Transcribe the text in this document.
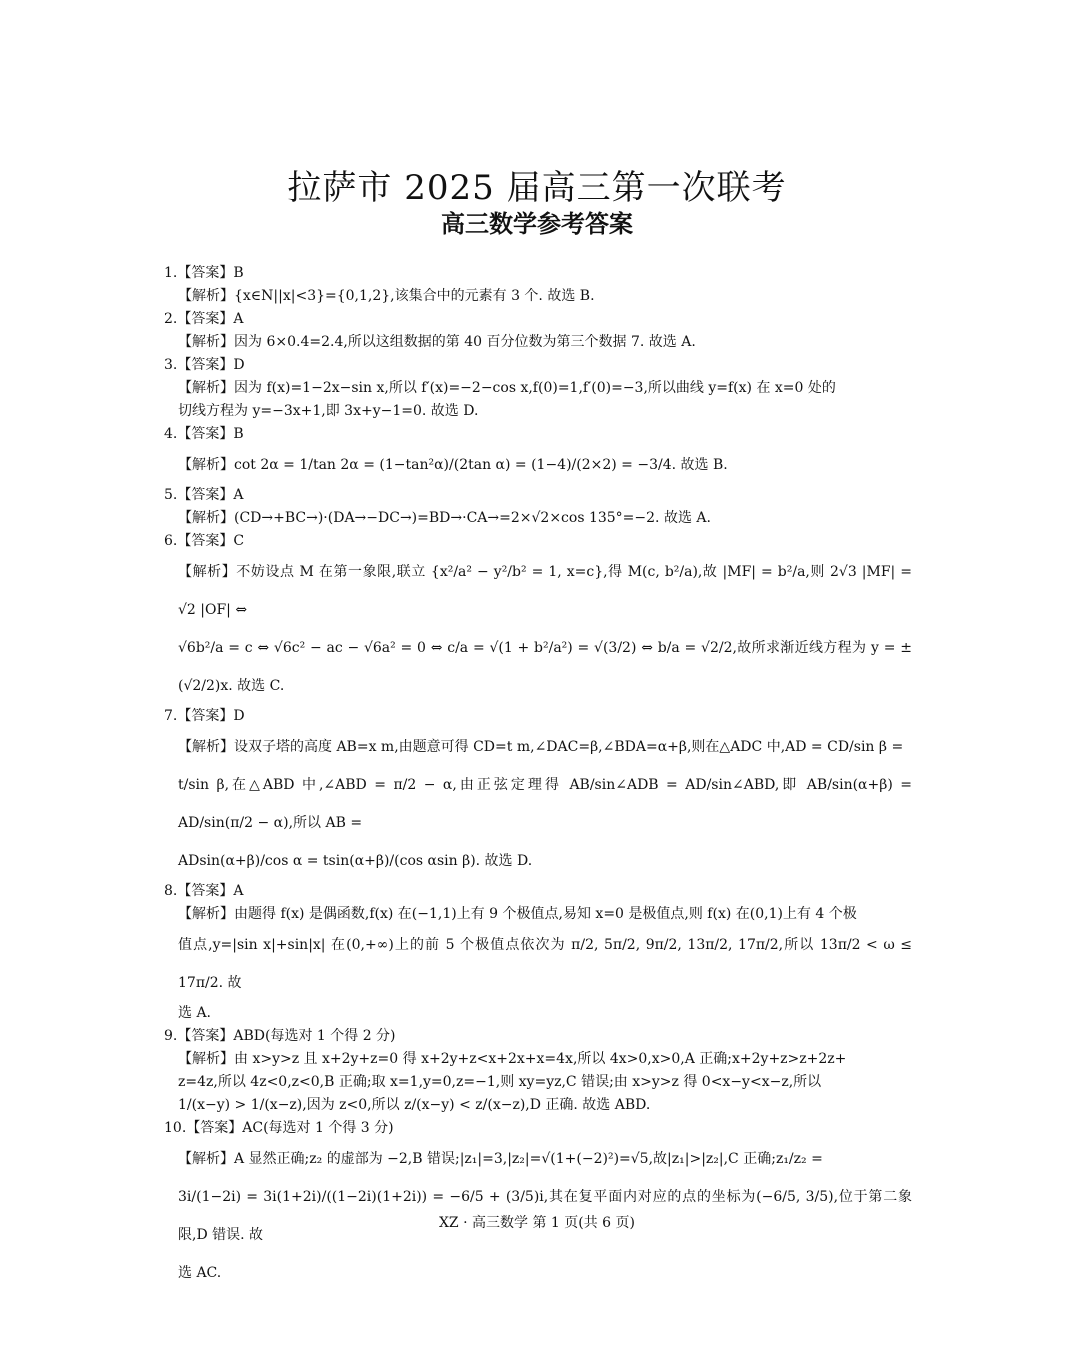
拉萨市 2025 届高三第一次联考
高三数学参考答案
1.【答案】B
【解析】{x∈N||x|<3}={0,1,2},该集合中的元素有 3 个. 故选 B.
2.【答案】A
【解析】因为 6×0.4=2.4,所以这组数据的第 40 百分位数为第三个数据 7. 故选 A.
3.【答案】D
【解析】因为 f(x)=1−2x−sin x,所以 f′(x)=−2−cos x,f(0)=1,f′(0)=−3,所以曲线 y=f(x) 在 x=0 处的
切线方程为 y=−3x+1,即 3x+y−1=0. 故选 D.
4.【答案】B
【解析】cot 2α = 1/tan 2α = (1−tan²α)/(2tan α) = (1−4)/(2×2) = −3/4. 故选 B.
5.【答案】A
【解析】(CD→+BC→)·(DA→−DC→)=BD→·CA→=2×√2×cos 135°=−2. 故选 A.
6.【答案】C
【解析】不妨设点 M 在第一象限,联立 {x²/a² − y²/b² = 1, x=c},得 M(c, b²/a),故 |MF| = b²/a,则 2√3 |MF| = √2 |OF| ⇔
√6b²/a = c ⇔ √6c² − ac − √6a² = 0 ⇔ c/a = √(1 + b²/a²) = √(3/2) ⇔ b/a = √2/2,故所求渐近线方程为 y = ±(√2/2)x. 故选 C.
7.【答案】D
【解析】设双子塔的高度 AB=x m,由题意可得 CD=t m,∠DAC=β,∠BDA=α+β,则在△ADC 中,AD = CD/sin β =
t/sin β,在△ABD 中,∠ABD = π/2 − α,由正弦定理得 AB/sin∠ADB = AD/sin∠ABD,即 AB/sin(α+β) = AD/sin(π/2 − α),所以 AB =
ADsin(α+β)/cos α = tsin(α+β)/(cos αsin β). 故选 D.
8.【答案】A
【解析】由题得 f(x) 是偶函数,f(x) 在(−1,1)上有 9 个极值点,易知 x=0 是极值点,则 f(x) 在(0,1)上有 4 个极
值点,y=|sin x|+sin|x| 在(0,+∞)上的前 5 个极值点依次为 π/2, 5π/2, 9π/2, 13π/2, 17π/2,所以 13π/2 < ω ≤ 17π/2. 故
选 A.
9.【答案】ABD(每选对 1 个得 2 分)
【解析】由 x>y>z 且 x+2y+z=0 得 x+2y+z<x+2x+x=4x,所以 4x>0,x>0,A 正确;x+2y+z>z+2z+
z=4z,所以 4z<0,z<0,B 正确;取 x=1,y=0,z=−1,则 xy=yz,C 错误;由 x>y>z 得 0<x−y<x−z,所以
1/(x−y) > 1/(x−z),因为 z<0,所以 z/(x−y) < z/(x−z),D 正确. 故选 ABD.
10.【答案】AC(每选对 1 个得 3 分)
【解析】A 显然正确;z₂ 的虚部为 −2,B 错误;|z₁|=3,|z₂|=√(1+(−2)²)=√5,故|z₁|>|z₂|,C 正确;z₁/z₂ =
3i/(1−2i) = 3i(1+2i)/((1−2i)(1+2i)) = −6/5 + (3/5)i,其在复平面内对应的点的坐标为(−6/5, 3/5),位于第二象限,D 错误. 故
选 AC.
XZ · 高三数学 第 1 页(共 6 页)
